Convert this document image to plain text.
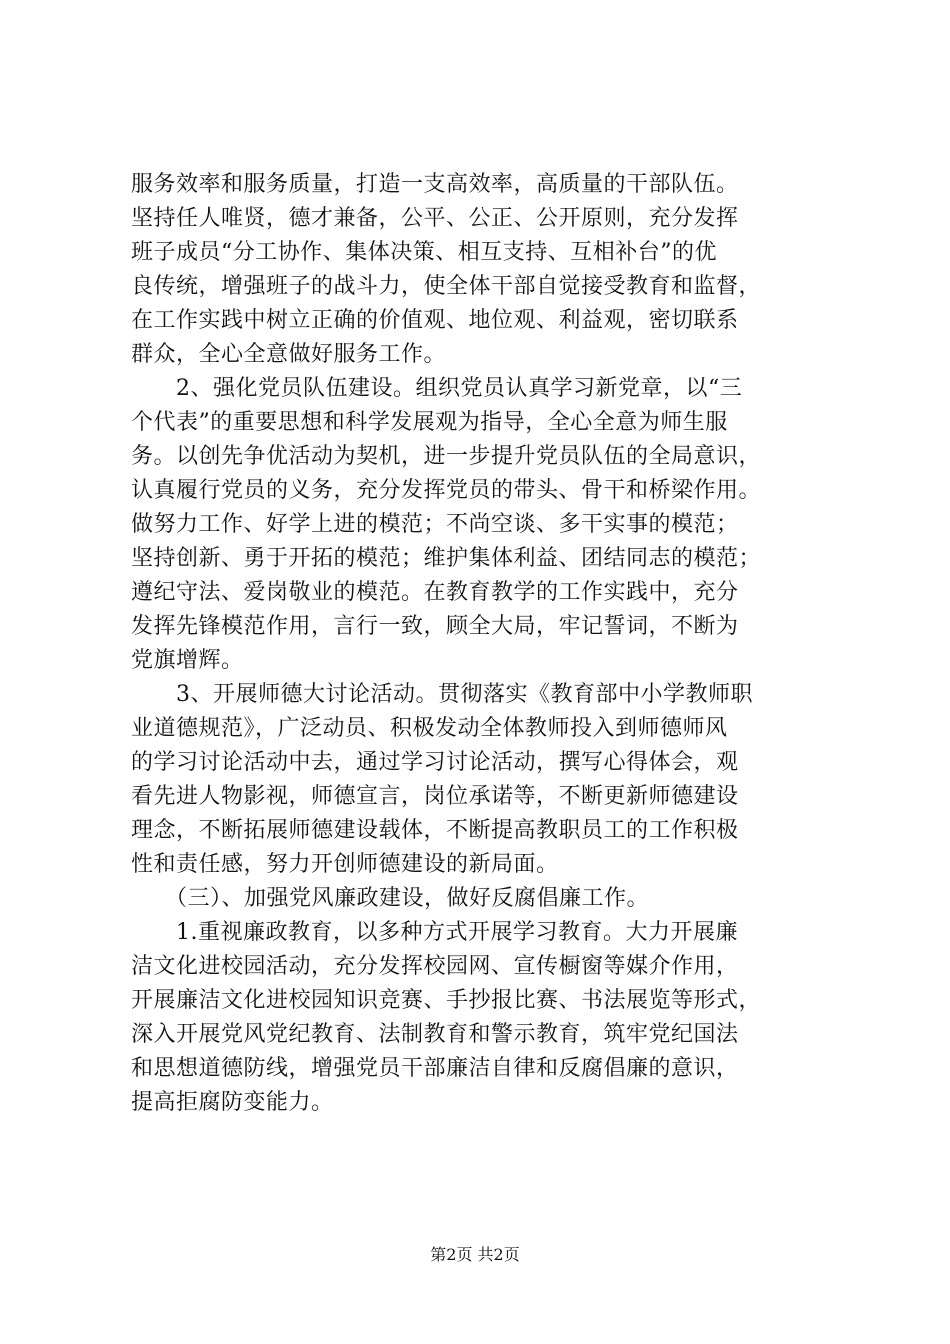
服务效率和服务质量，打造一支高效率，高质量的干部队伍。
坚持任人唯贤，德才兼备，公平、公正、公开原则，充分发挥
班子成员“分工协作、集体决策、相互支持、互相补台”的优
良传统，增强班子的战斗力，使全体干部自觉接受教育和监督，
在工作实践中树立正确的价值观、地位观、利益观，密切联系
群众，全心全意做好服务工作。
　　2、强化党员队伍建设。组织党员认真学习新党章，以“三
个代表”的重要思想和科学发展观为指导，全心全意为师生服
务。以创先争优活动为契机，进一步提升党员队伍的全局意识，
认真履行党员的义务，充分发挥党员的带头、骨干和桥梁作用。
做努力工作、好学上进的模范；不尚空谈、多干实事的模范；
坚持创新、勇于开拓的模范；维护集体利益、团结同志的模范；
遵纪守法、爱岗敬业的模范。在教育教学的工作实践中，充分
发挥先锋模范作用，言行一致，顾全大局，牢记誓词，不断为
党旗增辉。
　　3、开展师德大讨论活动。贯彻落实《教育部中小学教师职
业道德规范》，广泛动员、积极发动全体教师投入到师德师风
的学习讨论活动中去，通过学习讨论活动，撰写心得体会，观
看先进人物影视，师德宣言，岗位承诺等，不断更新师德建设
理念，不断拓展师德建设载体，不断提高教职员工的工作积极
性和责任感，努力开创师德建设的新局面。
　　（三）、加强党风廉政建设，做好反腐倡廉工作。
　　1.重视廉政教育，以多种方式开展学习教育。大力开展廉
洁文化进校园活动，充分发挥校园网、宣传橱窗等媒介作用，
开展廉洁文化进校园知识竞赛、手抄报比赛、书法展览等形式，
深入开展党风党纪教育、法制教育和警示教育，筑牢党纪国法
和思想道德防线，增强党员干部廉洁自律和反腐倡廉的意识，
提高拒腐防变能力。
第2页 共2页
